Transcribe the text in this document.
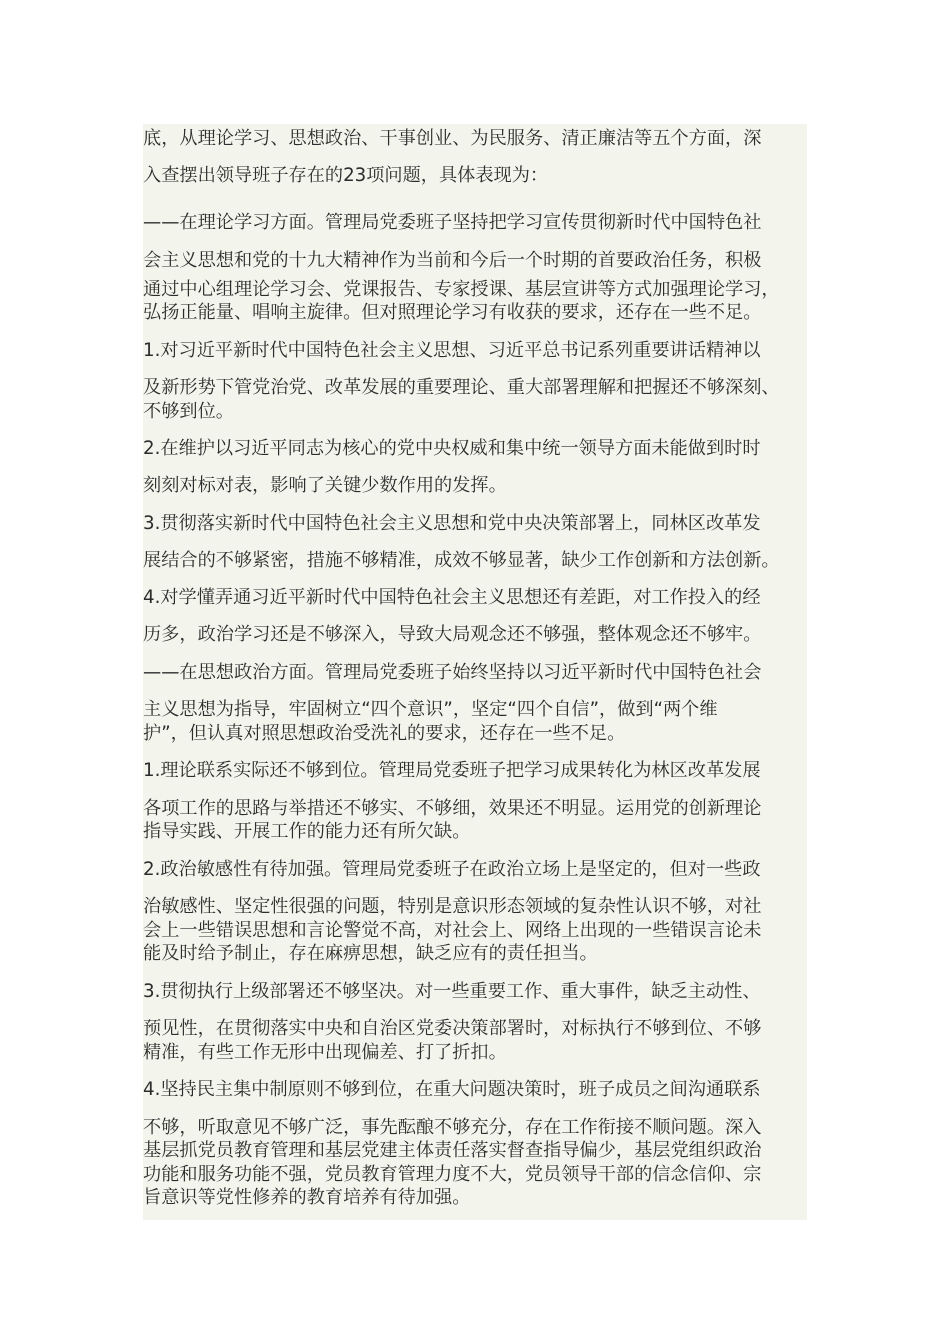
底，从理论学习、思想政治、干事创业、为民服务、清正廉洁等五个方面，深
入查摆出领导班子存在的23项问题，具体表现为：
——在理论学习方面。管理局党委班子坚持把学习宣传贯彻新时代中国特色社
会主义思想和党的十九大精神作为当前和今后一个时期的首要政治任务，积极
通过中心组理论学习会、党课报告、专家授课、基层宣讲等方式加强理论学习，
弘扬正能量、唱响主旋律。但对照理论学习有收获的要求，还存在一些不足。
1.对习近平新时代中国特色社会主义思想、习近平总书记系列重要讲话精神以
及新形势下管党治党、改革发展的重要理论、重大部署理解和把握还不够深刻、
不够到位。
2.在维护以习近平同志为核心的党中央权威和集中统一领导方面未能做到时时
刻刻对标对表，影响了关键少数作用的发挥。
3.贯彻落实新时代中国特色社会主义思想和党中央决策部署上，同林区改革发
展结合的不够紧密，措施不够精准，成效不够显著，缺少工作创新和方法创新。
4.对学懂弄通习近平新时代中国特色社会主义思想还有差距，对工作投入的经
历多，政治学习还是不够深入，导致大局观念还不够强，整体观念还不够牢。
——在思想政治方面。管理局党委班子始终坚持以习近平新时代中国特色社会
主义思想为指导，牢固树立“四个意识”，坚定“四个自信”，做到“两个维
护”，但认真对照思想政治受洗礼的要求，还存在一些不足。
1.理论联系实际还不够到位。管理局党委班子把学习成果转化为林区改革发展
各项工作的思路与举措还不够实、不够细，效果还不明显。运用党的创新理论
指导实践、开展工作的能力还有所欠缺。
2.政治敏感性有待加强。管理局党委班子在政治立场上是坚定的，但对一些政
治敏感性、坚定性很强的问题，特别是意识形态领域的复杂性认识不够，对社
会上一些错误思想和言论警觉不高，对社会上、网络上出现的一些错误言论未
能及时给予制止，存在麻痹思想，缺乏应有的责任担当。
3.贯彻执行上级部署还不够坚决。对一些重要工作、重大事件，缺乏主动性、
预见性，在贯彻落实中央和自治区党委决策部署时，对标执行不够到位、不够
精准，有些工作无形中出现偏差、打了折扣。
4.坚持民主集中制原则不够到位，在重大问题决策时，班子成员之间沟通联系
不够，听取意见不够广泛，事先酝酿不够充分，存在工作衔接不顺问题。深入
基层抓党员教育管理和基层党建主体责任落实督查指导偏少，基层党组织政治
功能和服务功能不强，党员教育管理力度不大，党员领导干部的信念信仰、宗
旨意识等党性修养的教育培养有待加强。
